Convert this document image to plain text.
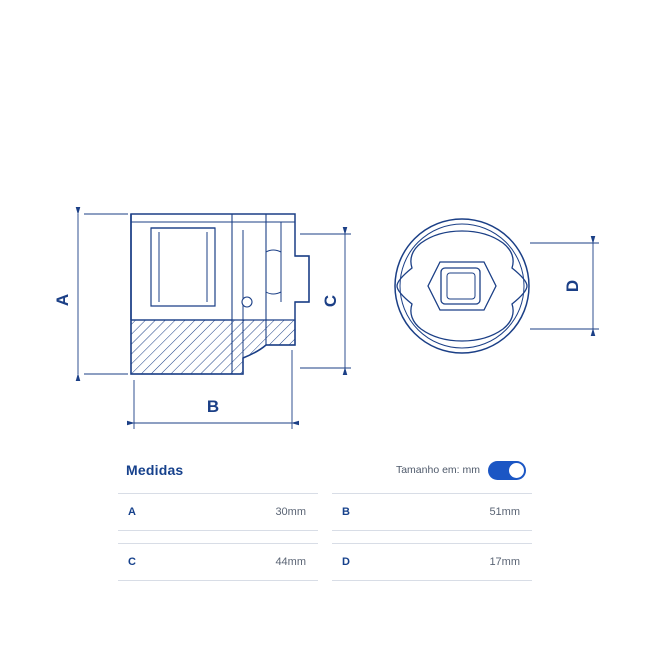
A
B
C
D
Medidas	Tamanho em: mm
A	30mm	B	51mm
C	44mm	D	17mm
